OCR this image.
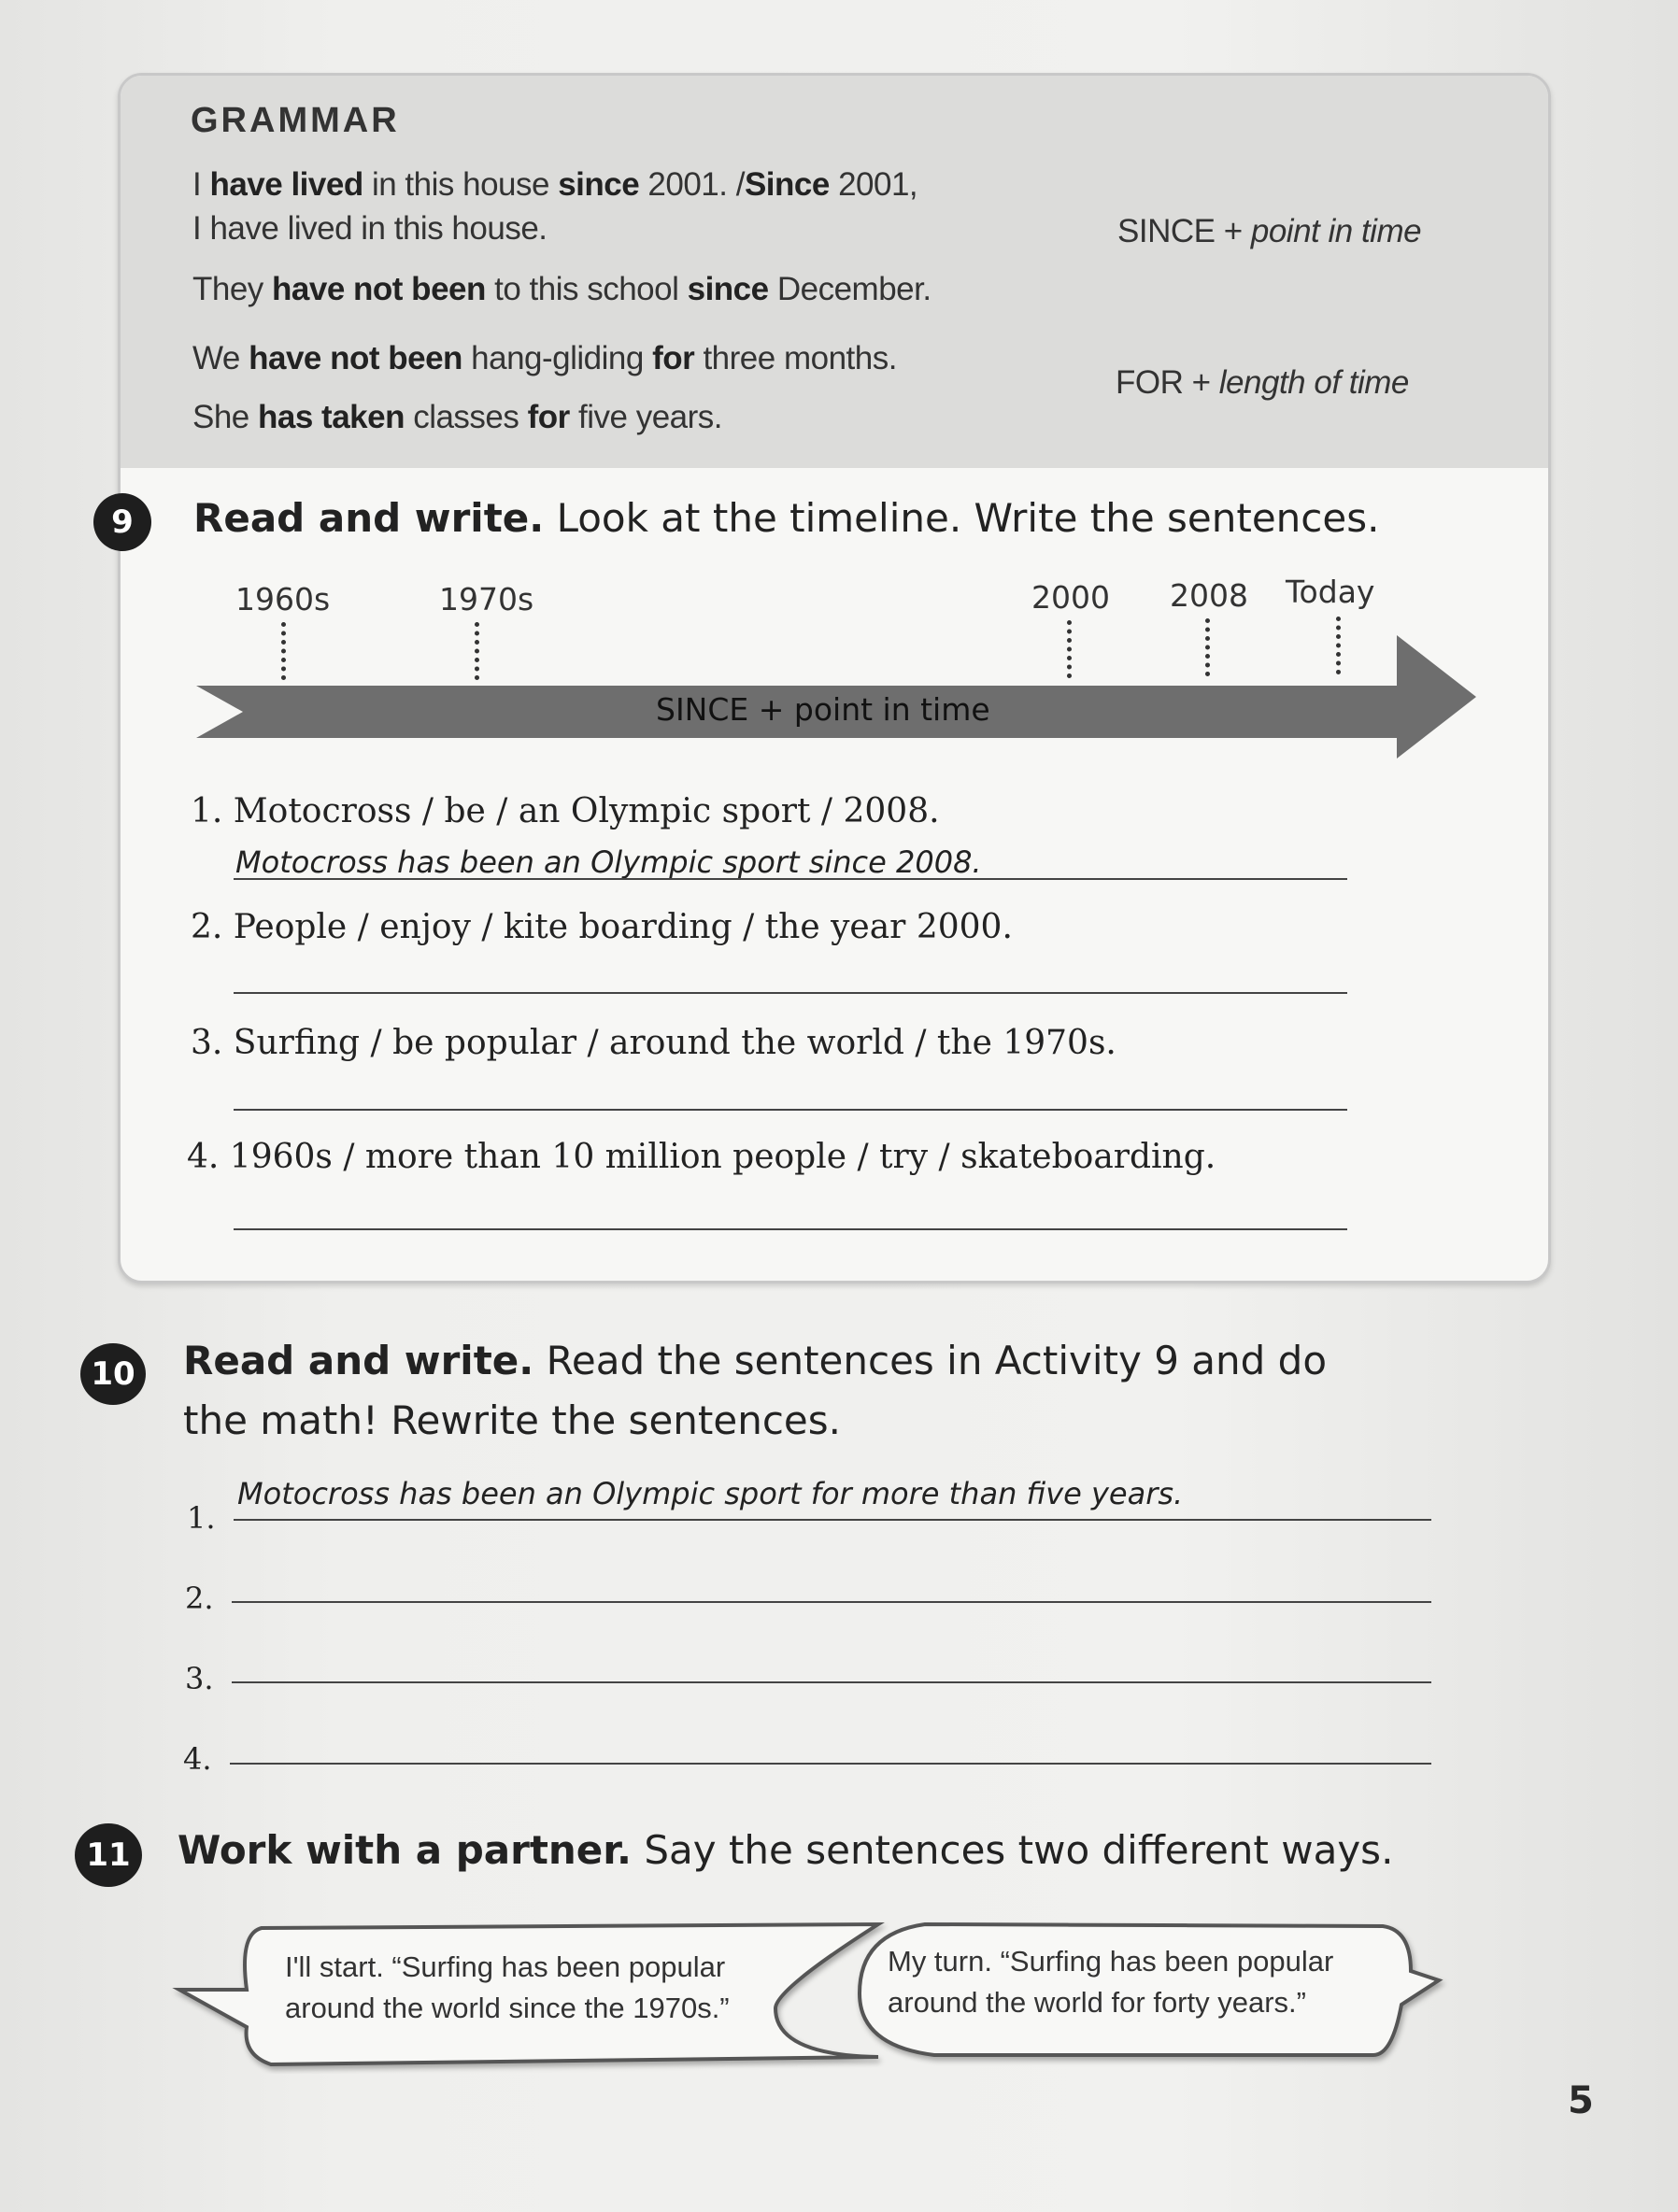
GRAMMAR
I have lived in this house since 2001. /Since 2001,
I have lived in this house.
They have not been to this school since December.
We have not been hang-gliding for three months.
She has taken classes for five years.
SINCE + point in time
FOR + length of time
9	Read and write. Look at the timeline. Write the sentences.
1960s	1970s	2000 2008 Today
SINCE + point in time
1. Motocross / be / an Olympic sport / 2008.
Motocross has been an Olympic sport since 2008.
2. People / enjoy / kite boarding / the year 2000.
3. Surfing / be popular / around the world / the 1970s.
4. 1960s / more than 10 million people / try / skateboarding.
10 Read and write. Read the sentences in Activity 9 and do
the math! Rewrite the sentences.
1.
Motocross has been an Olympic sport for more than five years.
2.
3.
4.
11 Work with a partner. Say the sentences two different ways.
I'll start. “Surfing has been popular
around the world since the 1970s.”
My turn. “Surfing has been popular
around the world for forty years.”
5
